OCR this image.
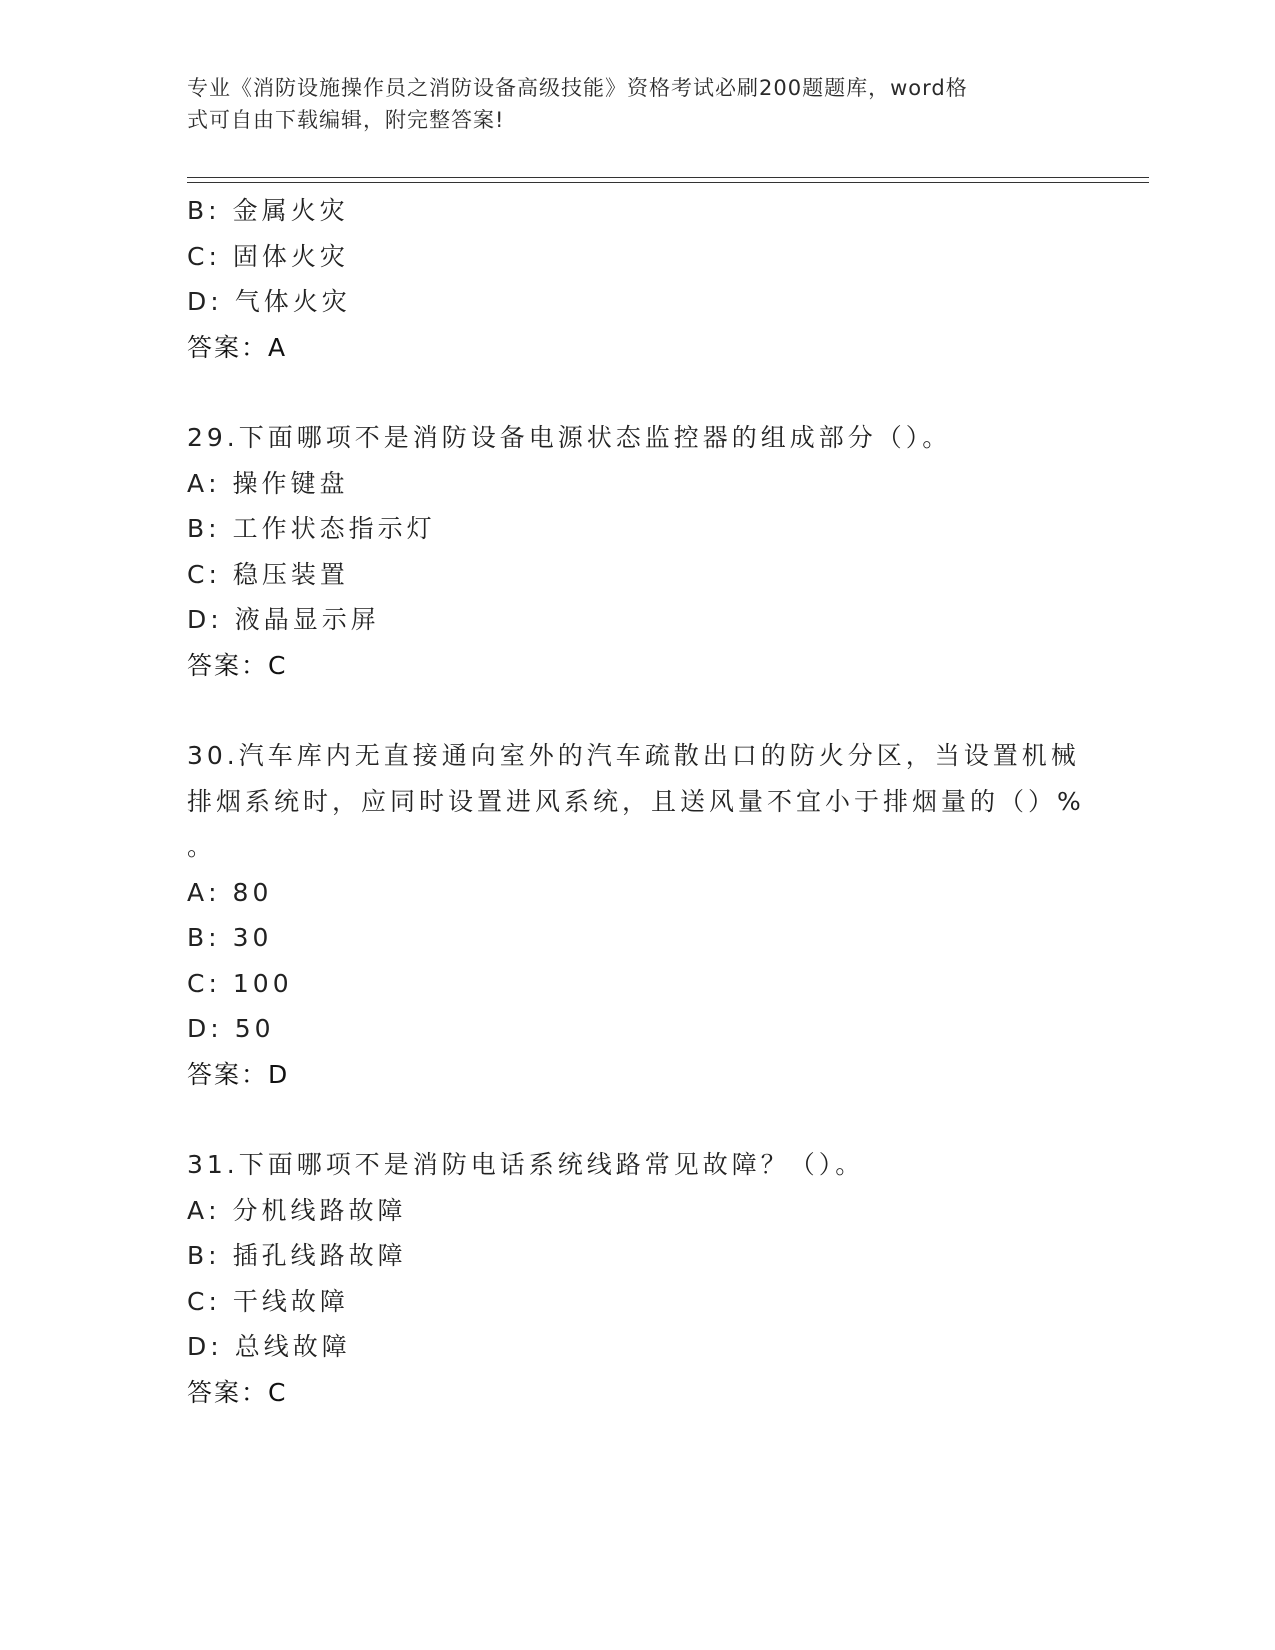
专业《消防设施操作员之消防设备高级技能》资格考试必刷200题题库，word格
式可自由下载编辑，附完整答案!
B: 金属火灾
C: 固体火灾
D: 气体火灾
答案：A
29.下面哪项不是消防设备电源状态监控器的组成部分（）。
A: 操作键盘
B: 工作状态指示灯
C: 稳压装置
D: 液晶显示屏
答案：C
30.汽车库内无直接通向室外的汽车疏散出口的防火分区，当设置机械
排烟系统时，应同时设置进风系统，且送风量不宜小于排烟量的（）%
。
A: 80
B: 30
C: 100
D: 50
答案：D
31.下面哪项不是消防电话系统线路常见故障？（）。
A: 分机线路故障
B: 插孔线路故障
C: 干线故障
D: 总线故障
答案：C
